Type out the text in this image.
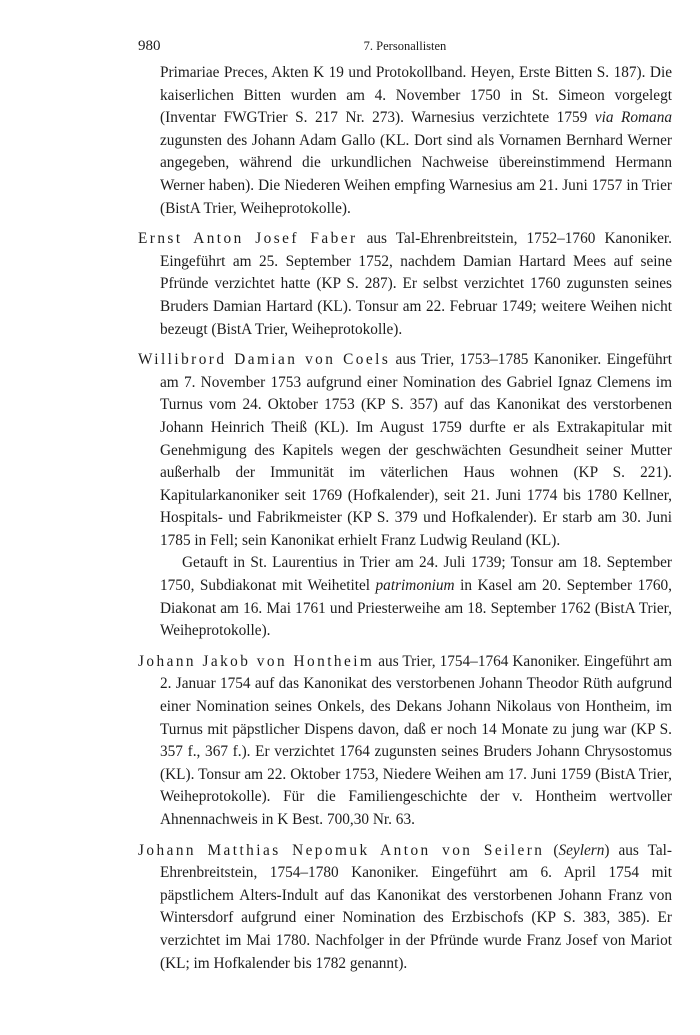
980	7. Personallisten

Primariae Preces, Akten K 19 und Protokollband. Heyen, Erste Bitten S. 187). Die kaiserlichen Bitten wurden am 4. November 1750 in St. Simeon vorgelegt (Inventar FWGTrier S. 217 Nr. 273). Warnesius verzichtete 1759 via Romana zugunsten des Johann Adam Gallo (KL. Dort sind als Vornamen Bernhard Werner angegeben, während die urkundlichen Nachweise übereinstimmend Hermann Werner haben). Die Niederen Weihen empfing Warnesius am 21. Juni 1757 in Trier (BistA Trier, Weiheprotokolle).

Ernst Anton Josef Faber aus Tal-Ehrenbreitstein, 1752–1760 Kanoniker. Eingeführt am 25. September 1752, nachdem Damian Hartard Mees auf seine Pfründe verzichtet hatte (KP S. 287). Er selbst verzichtet 1760 zugunsten seines Bruders Damian Hartard (KL). Tonsur am 22. Februar 1749; weitere Weihen nicht bezeugt (BistA Trier, Weiheprotokolle).

Willibrord Damian von Coels aus Trier, 1753–1785 Kanoniker. Eingeführt am 7. November 1753 aufgrund einer Nomination des Gabriel Ignaz Clemens im Turnus vom 24. Oktober 1753 (KP S. 357) auf das Kanonikat des verstorbenen Johann Heinrich Theiß (KL). Im August 1759 durfte er als Extrakapitular mit Genehmigung des Kapitels wegen der geschwächten Gesundheit seiner Mutter außerhalb der Immunität im väterlichen Haus wohnen (KP S. 221). Kapitularkanoniker seit 1769 (Hofkalender), seit 21. Juni 1774 bis 1780 Kellner, Hospitals- und Fabrikmeister (KP S. 379 und Hofkalender). Er starb am 30. Juni 1785 in Fell; sein Kanonikat erhielt Franz Ludwig Reuland (KL).

Getauft in St. Laurentius in Trier am 24. Juli 1739; Tonsur am 18. September 1750, Subdiakonat mit Weihetitel patrimonium in Kasel am 20. September 1760, Diakonat am 16. Mai 1761 und Priesterweihe am 18. September 1762 (BistA Trier, Weiheprotokolle).

Johann Jakob von Hontheim aus Trier, 1754–1764 Kanoniker. Eingeführt am 2. Januar 1754 auf das Kanonikat des verstorbenen Johann Theodor Rüth aufgrund einer Nomination seines Onkels, des Dekans Johann Nikolaus von Hontheim, im Turnus mit päpstlicher Dispens davon, daß er noch 14 Monate zu jung war (KP S. 357 f., 367 f.). Er verzichtet 1764 zugunsten seines Bruders Johann Chrysostomus (KL). Tonsur am 22. Oktober 1753, Niedere Weihen am 17. Juni 1759 (BistA Trier, Weiheprotokolle). Für die Familiengeschichte der v. Hontheim wertvoller Ahnennachweis in K Best. 700,30 Nr. 63.

Johann Matthias Nepomuk Anton von Seilern (Seylern) aus Tal-Ehrenbreitstein, 1754–1780 Kanoniker. Eingeführt am 6. April 1754 mit päpstlichem Alters-Indult auf das Kanonikat des verstorbenen Johann Franz von Wintersdorf aufgrund einer Nomination des Erzbischofs (KP S. 383, 385). Er verzichtet im Mai 1780. Nachfolger in der Pfründe wurde Franz Josef von Mariot (KL; im Hofkalender bis 1782 genannt).
